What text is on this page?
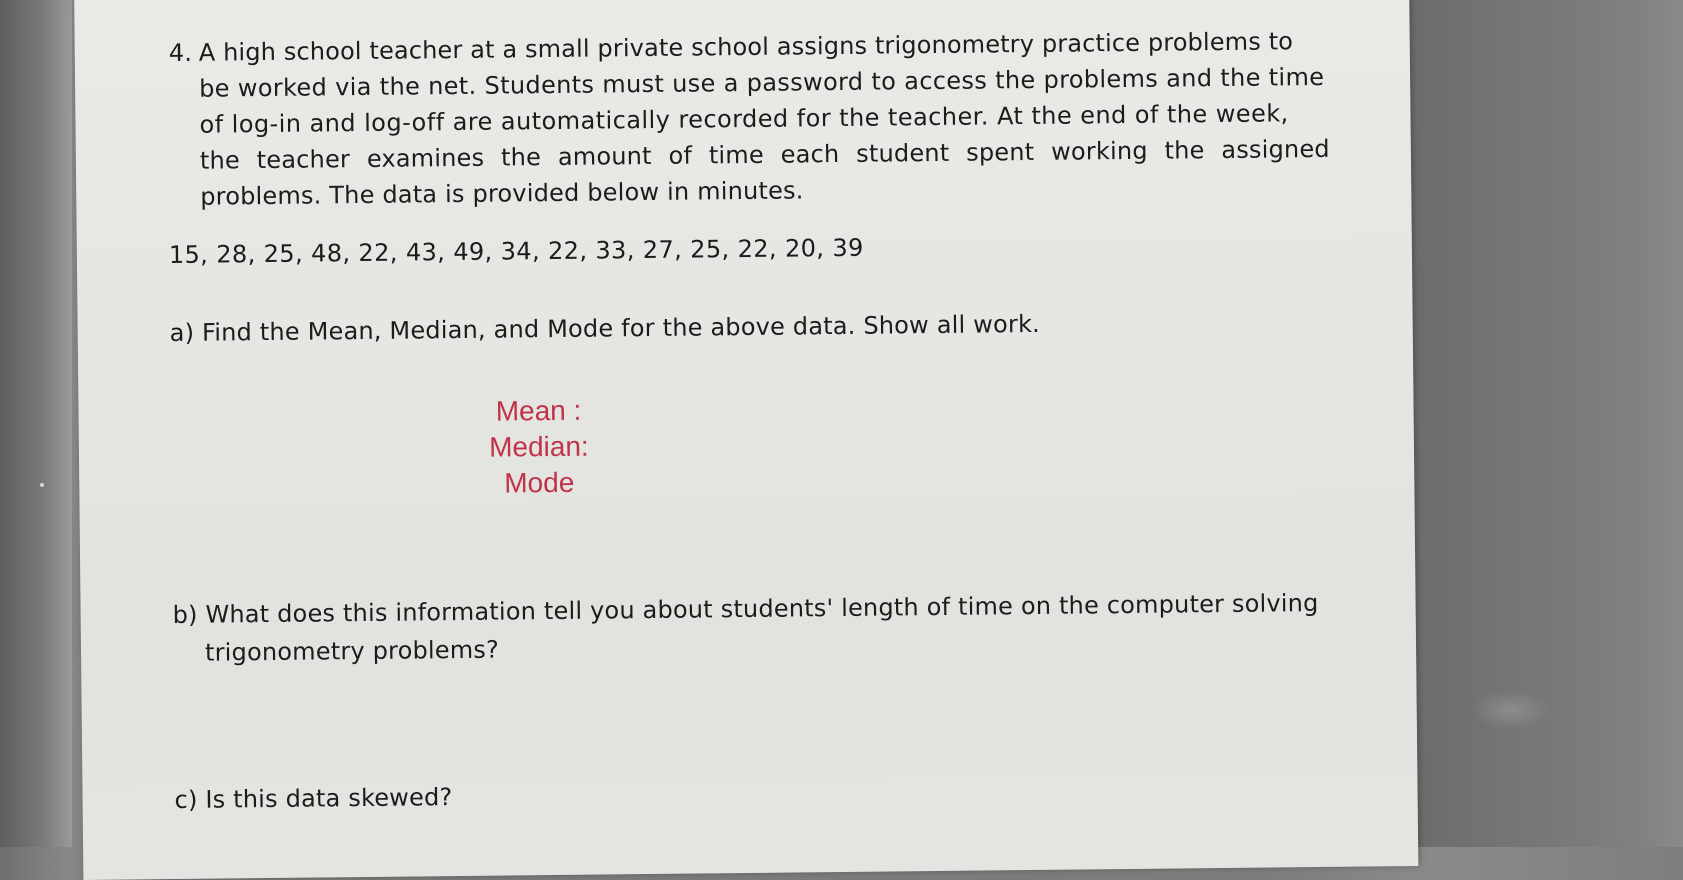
4. A high school teacher at a small private school assigns trigonometry practice problems to
be worked via the net. Students must use a password to access the problems and the time
of log-in and log-off are automatically recorded for the teacher. At the end of the week,
the teacher examines the amount of time each student spent working the assigned
problems. The data is provided below in minutes.
15, 28, 25, 48, 22, 43, 49, 34, 22, 33, 27, 25, 22, 20, 39
a) Find the Mean, Median, and Mode for the above data. Show all work.
Mean :
Median:
Mode
b) What does this information tell you about students' length of time on the computer solving
trigonometry problems?
c) Is this data skewed?
